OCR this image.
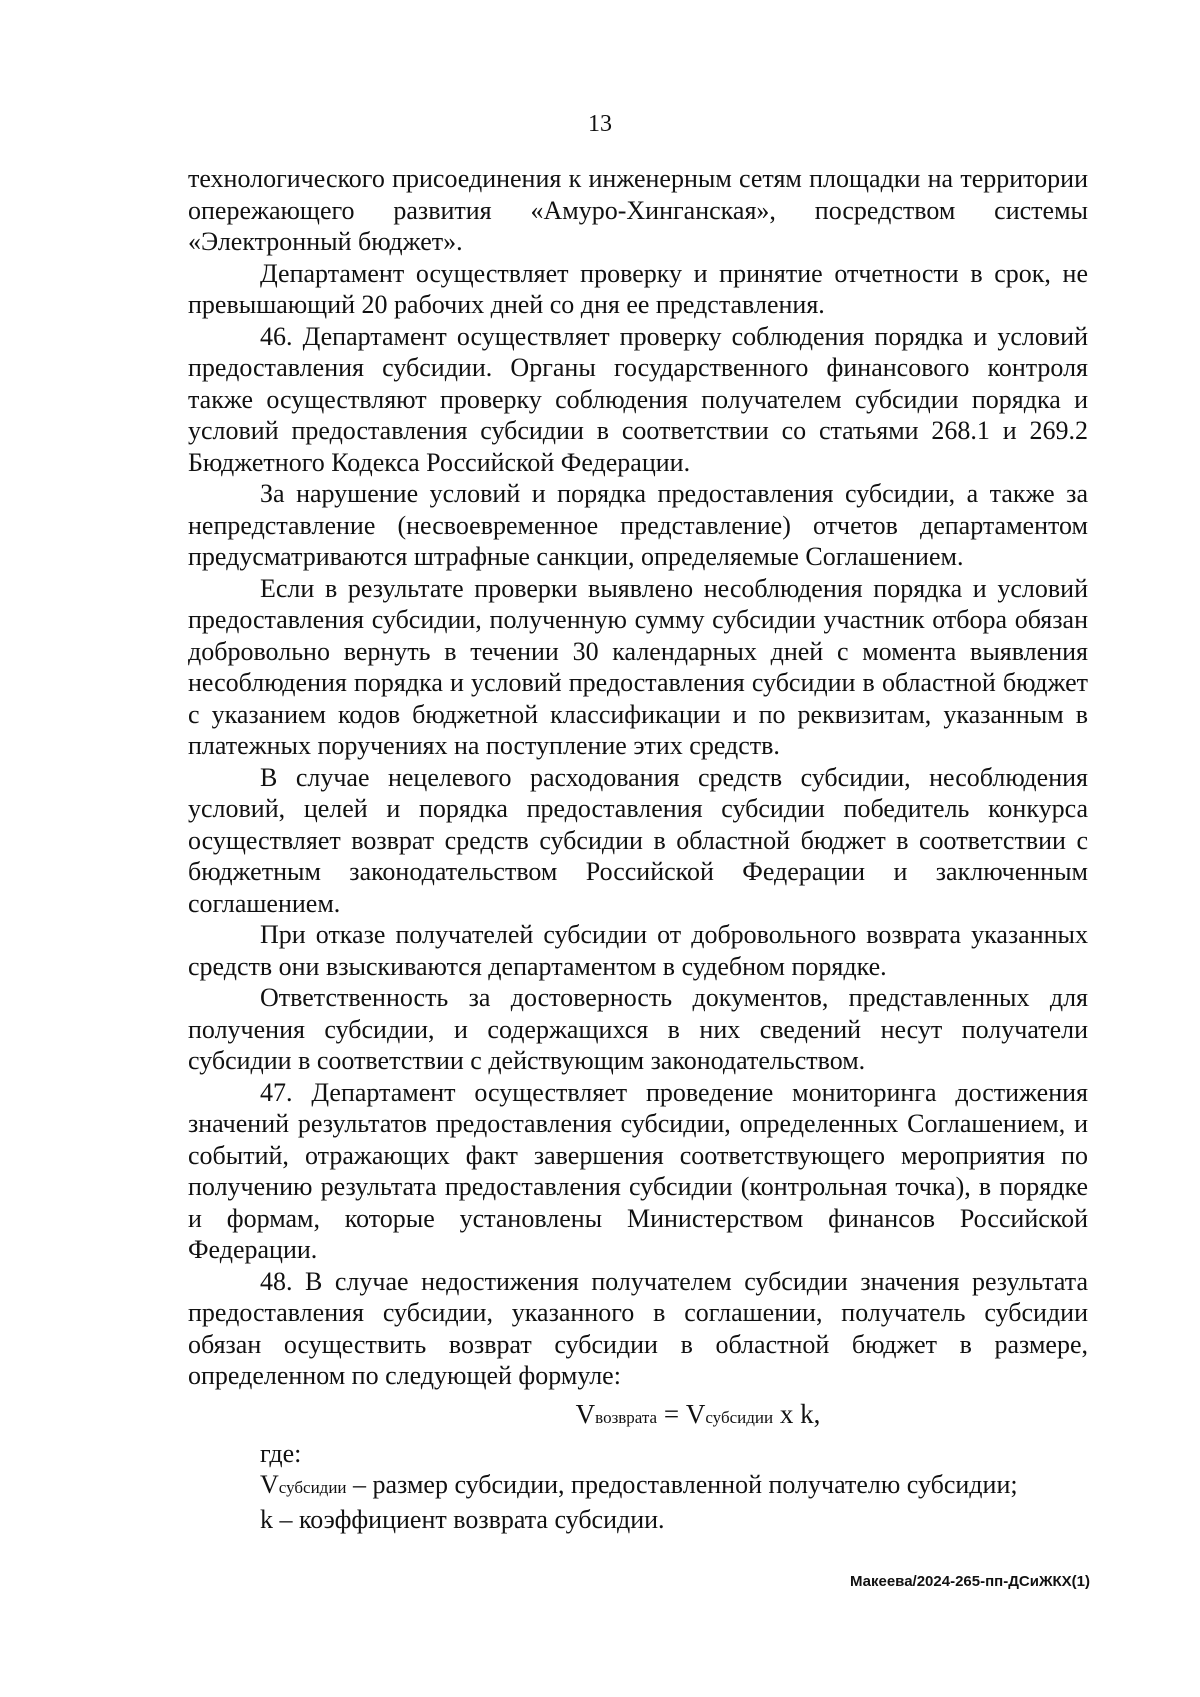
13

технологического присоединения к инженерным сетям площадки на территории опережающего развития «Амуро-Хинганская», посредством системы «Электронный бюджет».

Департамент осуществляет проверку и принятие отчетности в срок, не превышающий 20 рабочих дней со дня ее представления.

46. Департамент осуществляет проверку соблюдения порядка и условий предоставления субсидии. Органы государственного финансового контроля также осуществляют проверку соблюдения получателем субсидии порядка и условий предоставления субсидии в соответствии со статьями 268.1 и 269.2 Бюджетного Кодекса Российской Федерации.

За нарушение условий и порядка предоставления субсидии, а также за непредставление (несвоевременное представление) отчетов департаментом предусматриваются штрафные санкции, определяемые Соглашением.

Если в результате проверки выявлено несоблюдения порядка и условий предоставления субсидии, полученную сумму субсидии участник отбора обязан добровольно вернуть в течении 30 календарных дней с момента выявления несоблюдения порядка и условий предоставления субсидии в областной бюджет с указанием кодов бюджетной классификации и по реквизитам, указанным в платежных поручениях на поступление этих средств.

В случае нецелевого расходования средств субсидии, несоблюдения условий, целей и порядка предоставления субсидии победитель конкурса осуществляет возврат средств субсидии в областной бюджет в соответствии с бюджетным законодательством Российской Федерации и заключенным соглашением.

При отказе получателей субсидии от добровольного возврата указанных средств они взыскиваются департаментом в судебном порядке.

Ответственность за достоверность документов, представленных для получения субсидии, и содержащихся в них сведений несут получатели субсидии в соответствии с действующим законодательством.

47. Департамент осуществляет проведение мониторинга достижения значений результатов предоставления субсидии, определенных Соглашением, и событий, отражающих факт завершения соответствующего мероприятия по получению результата предоставления субсидии (контрольная точка), в порядке и формам, которые установлены Министерством финансов Российской Федерации.

48. В случае недостижения получателем субсидии значения результата предоставления субсидии, указанного в соглашении, получатель субсидии обязан осуществить возврат субсидии в областной бюджет в размере, определенном по следующей формуле:

Vвозврата = Vсубсидии x k,

где:

Vсубсидии – размер субсидии, предоставленной получателю субсидии;

k – коэффициент возврата субсидии.

Макеева/2024-265-пп-ДСиЖКХ(1)
